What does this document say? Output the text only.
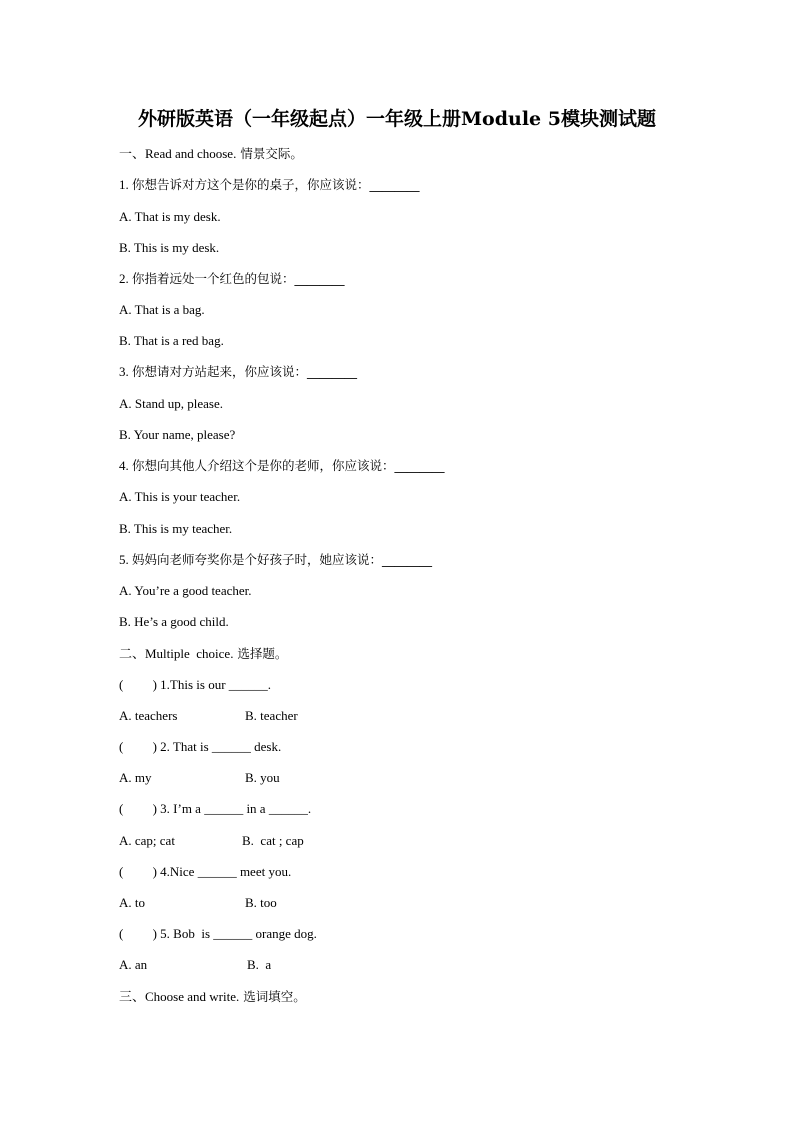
外研版英语（一年级起点）一年级上册Module 5模块测试题
一、Read and choose. 情景交际。
1. 你想告诉对方这个是你的桌子，你应该说：________
A. That is my desk.
B. This is my desk.
2. 你指着远处一个红色的包说：________
A. That is a bag.
B. That is a red bag.
3. 你想请对方站起来，你应该说：________
A. Stand up, please.
B. Your name, please?
4. 你想向其他人介绍这个是你的老师，你应该说：________
A. This is your teacher.
B. This is my teacher.
5. 妈妈向老师夸奖你是个好孩子时，她应该说：________
A. You’re a good teacher.
B. He’s a good child.
二、Multiple  choice. 选择题。
(         ) 1.This is our ______.
A. teachers	B. teacher
(         ) 2. That is ______ desk.
A. my	B. you
(         ) 3. I’m a ______ in a ______.
A. cap; cat	B.  cat ; cap
(         ) 4.Nice ______ meet you.
A. to	B. too
(         ) 5. Bob  is ______ orange dog.
A. an	B.  a
三、Choose and write. 选词填空。
